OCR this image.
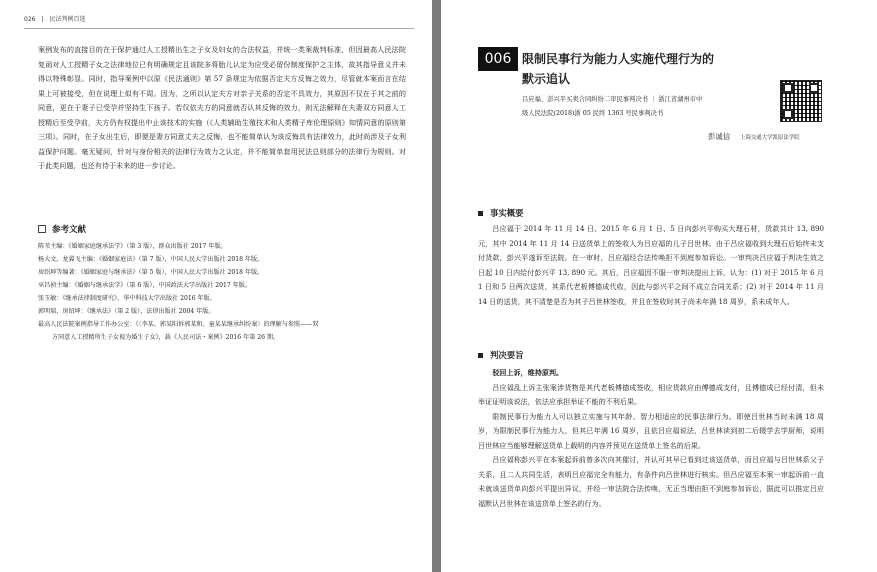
026 | 民法判例百选

案例发布的直接目的在于保护通过人工授精出生之子女及妇女的合法权益，并统一类案裁判标准，但因最高人民法院复函对人工授精子女之法律地位已有明确规定且该院多将胎儿认定为应受必留份制度保护之主体，故其指导意义并未得以特殊彰显。同时，指导案例中以原《民法通则》第 57 条规定为依据否定夫方反悔之效力，尽管就本案而言在结果上可被接受，但在说理上似有不周。因为，之所以认定夫方对亲子关系的否定不具效力，其原因不仅在于其之前的同意，更在于妻子已受孕并坚持生下孩子。若仅依夫方的同意就否认其反悔的效力，则无法解释在夫妻双方同意人工授精后至受孕前，夫方仍有权提出中止该技术的实施（《人类辅助生殖技术和人类精子库伦理原则》知情同意的原则第三项）。同时，在子女出生后，即便是妻方同意丈夫之反悔，也不能简单认为该反悔具有法律效力，此时尚涉及子女利益保护问题。毫无疑问，针对与身份相关的法律行为效力之认定，并不能简单套用民法总则部分的法律行为规则。对于此类问题，也还有待于未来的进一步讨论。

参考文献
陈苇主编：《婚姻家庭继承法学》（第 3 版），群众出版社 2017 年版。
杨大文、龙翼飞主编：《婚姻家庭法》（第 7 版），中国人民大学出版社 2018 年版。
房绍坤等编著：《婚姻家庭与继承法》（第 5 版），中国人民大学出版社 2018 年版。
巫昌祯主编：《婚姻与继承法学》（第 6 版），中国政法大学出版社 2017 年版。
张玉敏：《继承法律制度研究》，华中科技大学出版社 2016 年版。
郭明瑞、房绍坤：《继承法》（第 2 版），法律出版社 2004 年版。
最高人民法院案例指导工作办公室：《〈李某、郭某阳诉郭某和、童某某继承纠纷案〉的理解与参照——双
方同意人工授精所生子女视为婚生子女》，载《人民司法・案例》2016 年第 26 期。
006 限制民事行为能力人实施代理行为的
默示追认
吕应福、彭兴平买卖合同纠纷二审民事判决书 ｜ 浙江省湖州市中
级人民法院(2018)浙 05 民终 1363 号民事判决书
彭诚信 上海交通大学凯原法学院
事实概要

吕应福于 2014 年 11 月 14 日、2015 年 6 月 1 日、5 日向彭兴平购买大理石材，货款共计 13, 890 元，其中 2014 年 11 月 14 日送货单上的签收人为吕应福的儿子吕世林。由于吕应福收到大理石后始终未支付货款，彭兴平遂诉至法院。在一审时，吕应福经合法传唤拒不到庭参加诉讼。一审判决吕应福于判决生效之日起 10 日内给付彭兴平 13, 890 元。其后，吕应福因不服一审判决提出上诉，认为：(1) 对于 2015 年 6 月 1 日和 5 日两次送货，其系代老板傅德成代收，因此与彭兴平之间不成立合同关系；(2) 对于 2014 年 11 月 14 日的送货，其不清楚是否为其子吕世林签收，并且在签收时其子尚未年满 18 周岁，系未成年人。

判决要旨

驳回上诉，维持原判。

吕应福乱上诉主张案涉货物是其代老板傅德成签收，相应货款应由傅德成支付，且傅德成已经付清，但未举证证明该说法，依法应承担举证不能的不利后果。

限制民事行为能力人可以独立实施与其年龄、智力相适应的民事法律行为。即使吕世林当时未满 18 周岁，为限制民事行为能力人，但其已年满 16 周岁，且依吕应福说法，吕世林读到初二后辍学去学厨师，说明吕世林应当能够理解送货单上载明的内容并预见在送货单上签名的后果。

吕应福称彭兴平在本案起诉前曾多次向其催讨，并认可其早已看到过该送货单，而吕应福与吕世林系父子关系，且二人共同生活，表明吕应福完全有能力，有条件向吕世林进行核实。但吕应福至本案一审起诉前一直未就该送货单向彭兴平提出异议，并经一审法院合法传唤，无正当理由拒不到庭参加诉讼，据此可以推定吕应福默认吕世林在该送货单上签名的行为。
